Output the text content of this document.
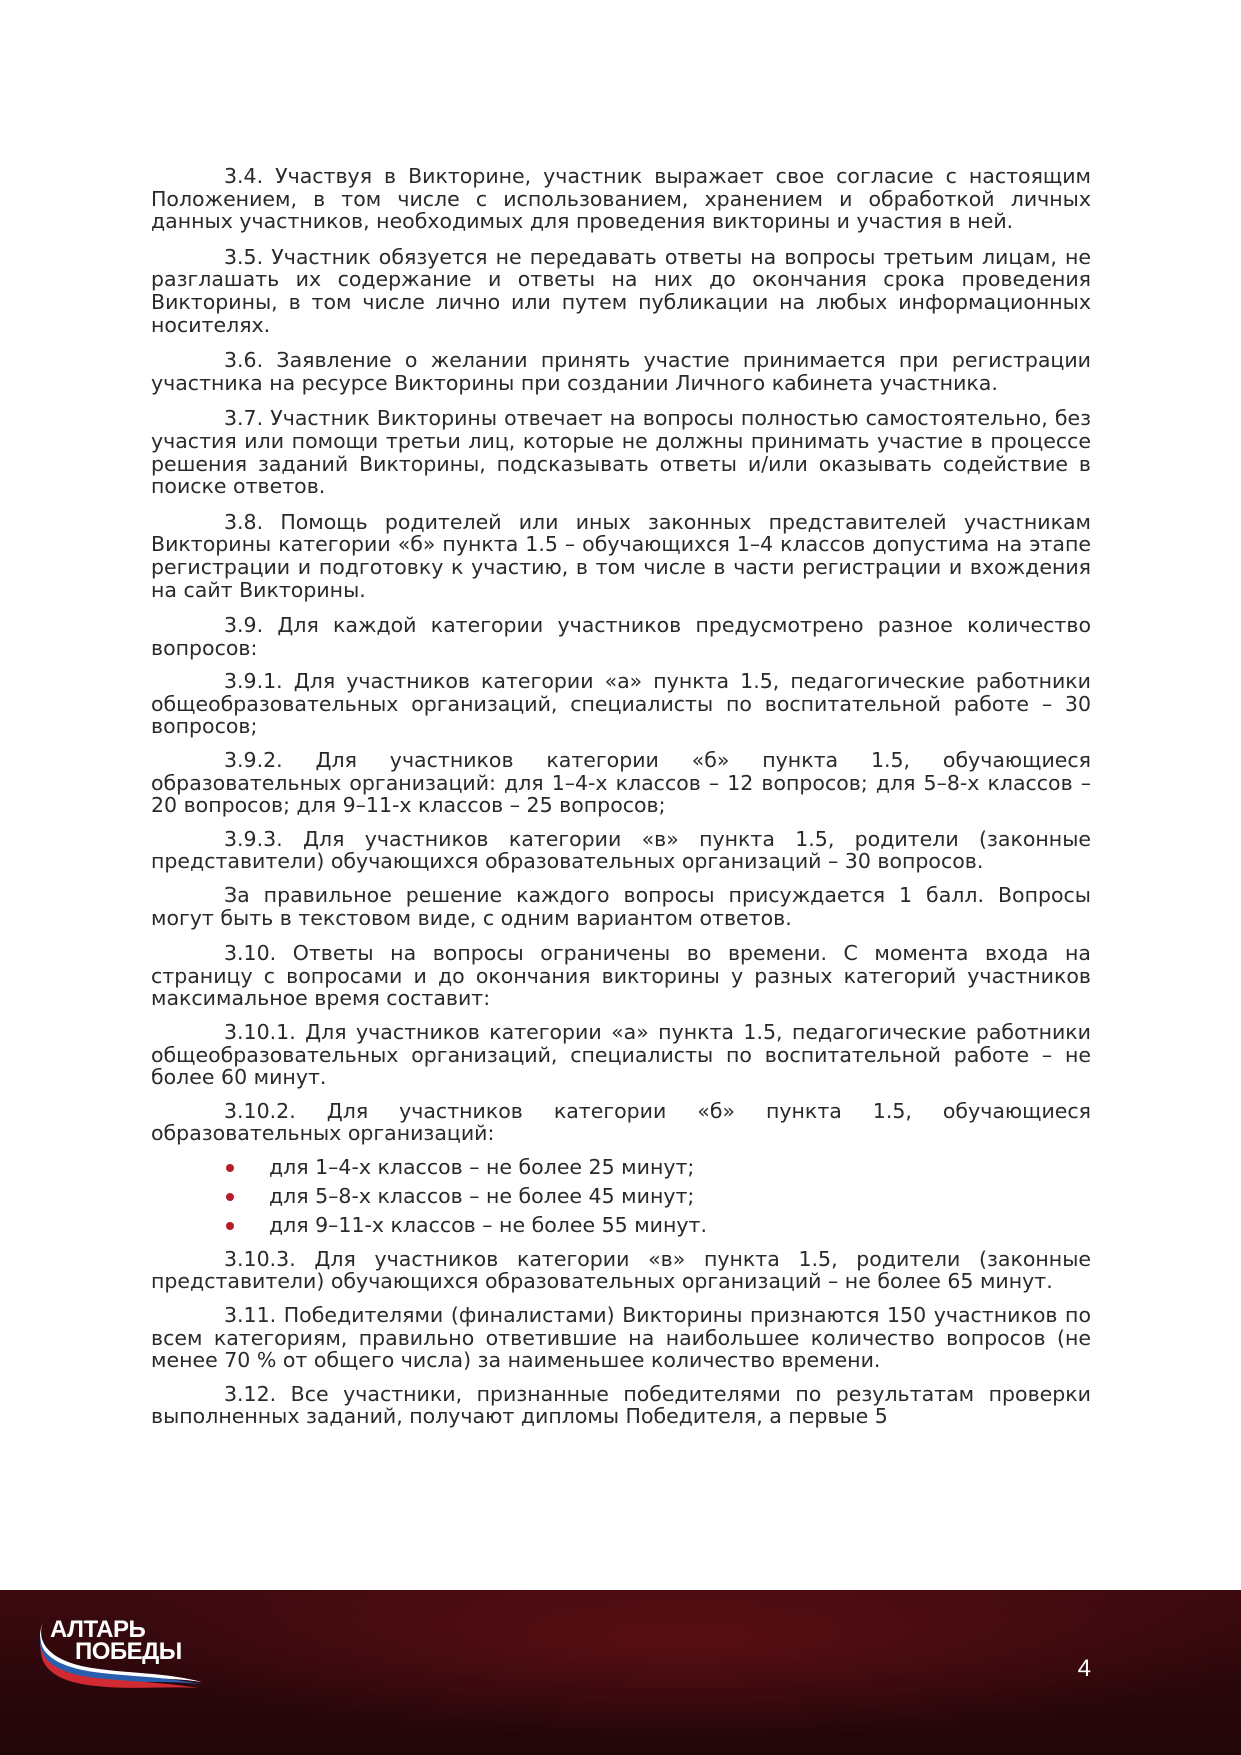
3.4. Участвуя в Викторине, участник выражает свое согласие с настоящим Положением, в том числе с использованием, хранением и обработкой личных данных участников, необходимых для проведения викторины и участия в ней.

3.5. Участник обязуется не передавать ответы на вопросы третьим лицам, не разглашать их содержание и ответы на них до окончания срока проведения Викторины, в том числе лично или путем публикации на любых информационных носителях.

3.6. Заявление о желании принять участие принимается при регистрации участника на ресурсе Викторины при создании Личного кабинета участника.

3.7. Участник Викторины отвечает на вопросы полностью самостоятельно, без участия или помощи третьи лиц, которые не должны принимать участие в процессе решения заданий Викторины, подсказывать ответы и/или оказывать содействие в поиске ответов.

3.8. Помощь родителей или иных законных представителей участникам Викторины категории «б» пункта 1.5 – обучающихся 1–4 классов допустима на этапе регистрации и подготовку к участию, в том числе в части регистрации и вхождения на сайт Викторины.

3.9. Для каждой категории участников предусмотрено разное количество вопросов:

3.9.1. Для участников категории «а» пункта 1.5, педагогические работники общеобразовательных организаций, специалисты по воспитательной работе – 30 вопросов;

3.9.2. Для участников категории «б» пункта 1.5, обучающиеся образовательных организаций: для 1–4-х классов – 12 вопросов; для 5–8-х классов – 20 вопросов; для 9–11-х классов – 25 вопросов;

3.9.3. Для участников категории «в» пункта 1.5, родители (законные представители) обучающихся образовательных организаций – 30 вопросов.

За правильное решение каждого вопросы присуждается 1 балл. Вопросы могут быть в текстовом виде, с одним вариантом ответов.

3.10. Ответы на вопросы ограничены во времени. С момента входа на страницу с вопросами и до окончания викторины у разных категорий участников максимальное время составит:

3.10.1. Для участников категории «а» пункта 1.5, педагогические работники общеобразовательных организаций, специалисты по воспитательной работе – не более 60 минут.

3.10.2. Для участников категории «б» пункта 1.5, обучающиеся образовательных организаций:

для 1–4-х классов – не более 25 минут;
для 5–8-х классов – не более 45 минут;
для 9–11-х классов – не более 55 минут.

3.10.3. Для участников категории «в» пункта 1.5, родители (законные представители) обучающихся образовательных организаций – не более 65 минут.

3.11. Победителями (финалистами) Викторины признаются 150 участников по всем категориям, правильно ответившие на наибольшее количество вопросов (не менее 70 % от общего числа) за наименьшее количество времени.

3.12. Все участники, признанные победителями по результатам проверки выполненных заданий, получают дипломы Победителя, а первые 5

АЛТАРЬ
ПОБЕДЫ
4
